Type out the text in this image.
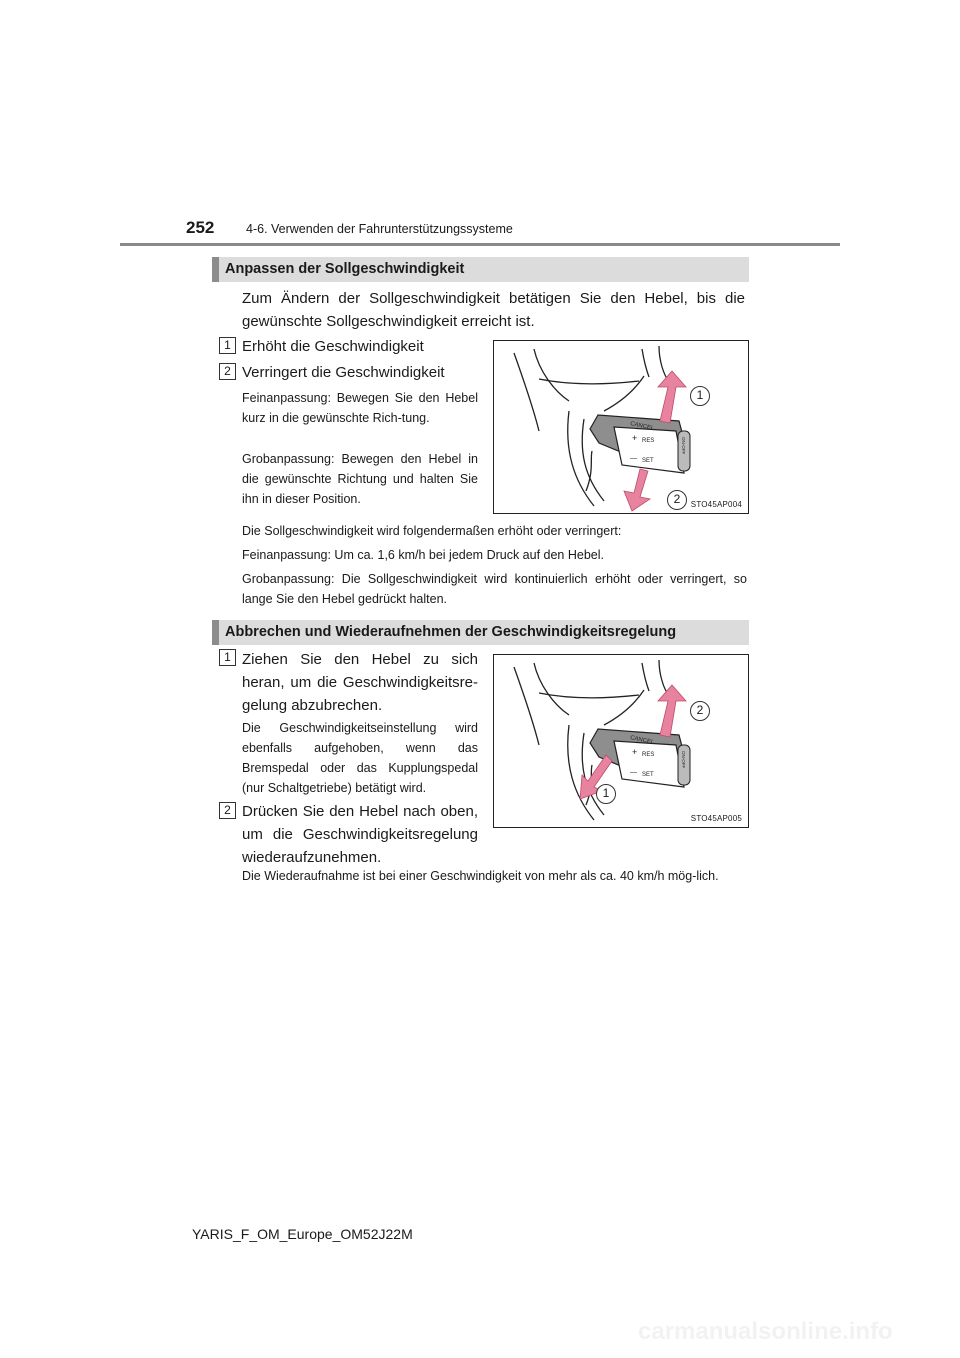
252	4-6. Verwenden der Fahrunterstützungssysteme
Anpassen der Sollgeschwindigkeit
Zum Ändern der Sollgeschwindigkeit betätigen Sie den Hebel, bis die gewünschte Sollgeschwindigkeit erreicht ist.
1 Erhöht die Geschwindigkeit
2 Verringert die Geschwindigkeit
Feinanpassung: Bewegen Sie den Hebel kurz in die gewünschte Rich-tung.
Grobanpassung: Bewegen den Hebel in die gewünschte Richtung und halten Sie ihn in dieser Position.
Die Sollgeschwindigkeit wird folgendermaßen erhöht oder verringert:
Feinanpassung: Um ca. 1,6 km/h bei jedem Druck auf den Hebel.
Grobanpassung: Die Sollgeschwindigkeit wird kontinuierlich erhöht oder verringert, so lange Sie den Hebel gedrückt halten.
CANCEL
RES
SET
+
—
ON-OFF
1
2	STO45AP004
Abbrechen und Wiederaufnehmen der Geschwindigkeitsregelung
1 Ziehen Sie den Hebel zu sich heran, um die Geschwindigkeitsre-gelung abzubrechen.
Die Geschwindigkeitseinstellung wird ebenfalls aufgehoben, wenn das Bremspedal oder das Kupplungspedal (nur Schaltgetriebe) betätigt wird.
2 Drücken Sie den Hebel nach oben, um die Geschwindigkeitsregelung wiederaufzunehmen.
Die Wiederaufnahme ist bei einer Geschwindigkeit von mehr als ca. 40 km/h mög-lich.
CANCEL
RES
SET
+
—
ON-OFF
2
1
STO45AP005
YARIS_F_OM_Europe_OM52J22M
carmanualsonline.info
